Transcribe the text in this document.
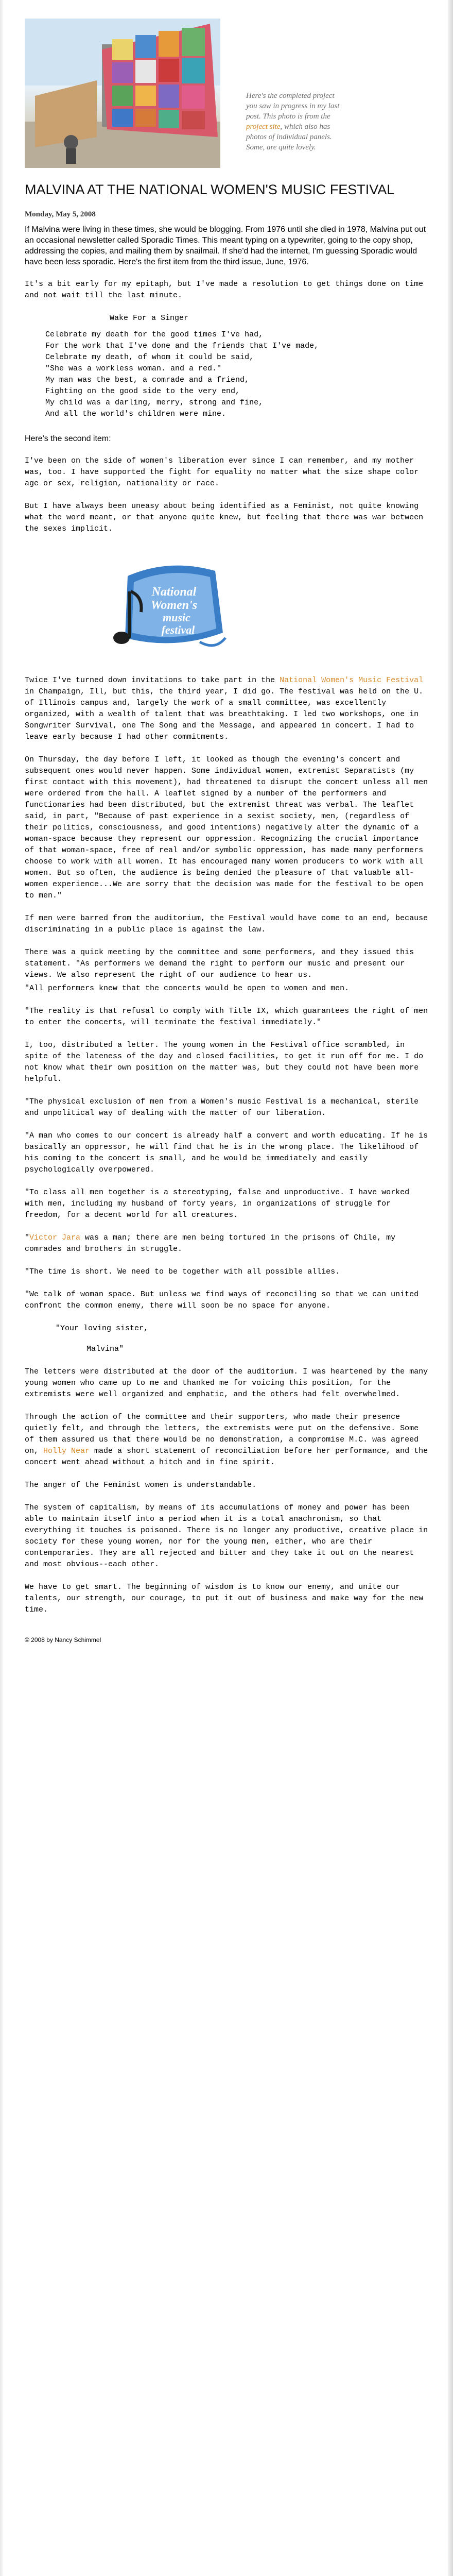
Here's the completed project you saw in progress in my last post. This photo is from the project site, which also has photos of individual panels. Some, are quite lovely.
MALVINA AT THE NATIONAL WOMEN'S MUSIC FESTIVAL
Monday, May 5, 2008

If Malvina were living in these times, she would be blogging. From 1976 until she died in 1978, Malvina put out an occasional newsletter called Sporadic Times. This meant typing on a typewriter, going to the copy shop, addressing the copies, and mailing them by snailmail. If she'd had the internet, I'm guessing Sporadic would have been less sporadic. Here's the first item from the third issue, June, 1976.

It's a bit early for my epitaph, but I've made a resolution to get things done on time and not wait till the last minute.

Wake For a Singer
Celebrate my death for the good times I've had,
For the work that I've done and the friends that I've made,
Celebrate my death, of whom it could be said,
"She was a workless woman. and a red."
My man was the best, a comrade and a friend,
Fighting on the good side to the very end,
My child was a darling, merry, strong and fine,
And all the world's children were mine.

Here's the second item:

I've been on the side of women's liberation ever since I can remember, and my mother was, too. I have supported the fight for equality no matter what the size shape color age or sex, religion, nationality or race.

But I have always been uneasy about being identified as a Feminist, not quite knowing what the word meant, or that anyone quite knew, but feeling that there was war between the sexes implicit.

National
Women's
music
festival

Twice I've turned down invitations to take part in the National Women's Music Festival in Champaign, Ill, but this, the third year, I did go. The festival was held on the U. of Illinois campus and, largely the work of a small committee, was excellently organized, with a wealth of talent that was breathtaking. I led two workshops, one in Songwriter Survival, one The Song and the Message, and appeared in concert. I had to leave early because I had other commitments.

On Thursday, the day before I left, it looked as though the evening's concert and subsequent ones would never happen. Some individual women, extremist Separatists (my first contact with this movement), had threatened to disrupt the concert unless all men were ordered from the hall. A leaflet signed by a number of the performers and functionaries had been distributed, but the extremist threat was verbal. The leaflet said, in part, "Because of past experience in a sexist society, men, (regardless of their politics, consciousness, and good intentions) negatively alter the dynamic of a woman-space because they represent our oppression. Recognizing the crucial importance of that woman-space, free of real and/or symbolic oppression, has made many performers choose to work with all women. It has encouraged many women producers to work with all women. But so often, the audience is being denied the pleasure of that valuable all-women experience...We are sorry that the decision was made for the festival to be open to men."

If men were barred from the auditorium, the Festival would have come to an end, because discriminating in a public place is against the law.

There was a quick meeting by the committee and some performers, and they issued this statement. "As performers we demand the right to perform our music and present our views. We also represent the right of our audience to hear us.

"All performers knew that the concerts would be open to women and men.

"The reality is that refusal to comply with Title IX, which guarantees the right of men to enter the concerts, will terminate the festival immediately."

I, too, distributed a letter. The young women in the Festival office scrambled, in spite of the lateness of the day and closed facilities, to get it run off for me. I do not know what their own position on the matter was, but they could not have been more helpful.

"The physical exclusion of men from a Women's music Festival is a mechanical, sterile and unpolitical way of dealing with the matter of our liberation.

"A man who comes to our concert is already half a convert and worth educating. If he is basically an oppressor, he will find that he is in the wrong place. The likelihood of his coming to the concert is small, and he would be immediately and easily psychologically overpowered.

"To class all men together is a stereotyping, false and unproductive. I have worked with men, including my husband of forty years, in organizations of struggle for freedom, for a decent world for all creatures.

"Victor Jara was a man; there are men being tortured in the prisons of Chile, my comrades and brothers in struggle.

"The time is short. We need to be together with all possible allies.

"We talk of woman space. But unless we find ways of reconciling so that we can united confront the common enemy, there will soon be no space for anyone.

"Your loving sister,
Malvina"

The letters were distributed at the door of the auditorium. I was heartened by the many young women who came up to me and thanked me for voicing this position, for the extremists were well organized and emphatic, and the others had felt overwhelmed.

Through the action of the committee and their supporters, who made their presence quietly felt, and through the letters, the extremists were put on the defensive. Some of them assured us that there would be no demonstration, a compromise M.C. was agreed on, Holly Near made a short statement of reconciliation before her performance, and the concert went ahead without a hitch and in fine spirit.

The anger of the Feminist women is understandable.

The system of capitalism, by means of its accumulations of money and power has been able to maintain itself into a period when it is a total anachronism, so that everything it touches is poisoned. There is no longer any productive, creative place in society for these young women, nor for the young men, either, who are their contemporaries. They are all rejected and bitter and they take it out on the nearest and most obvious--each other.

We have to get smart. The beginning of wisdom is to know our enemy, and unite our talents, our strength, our courage, to put it out of business and make way for the new time.

© 2008 by Nancy Schimmel
